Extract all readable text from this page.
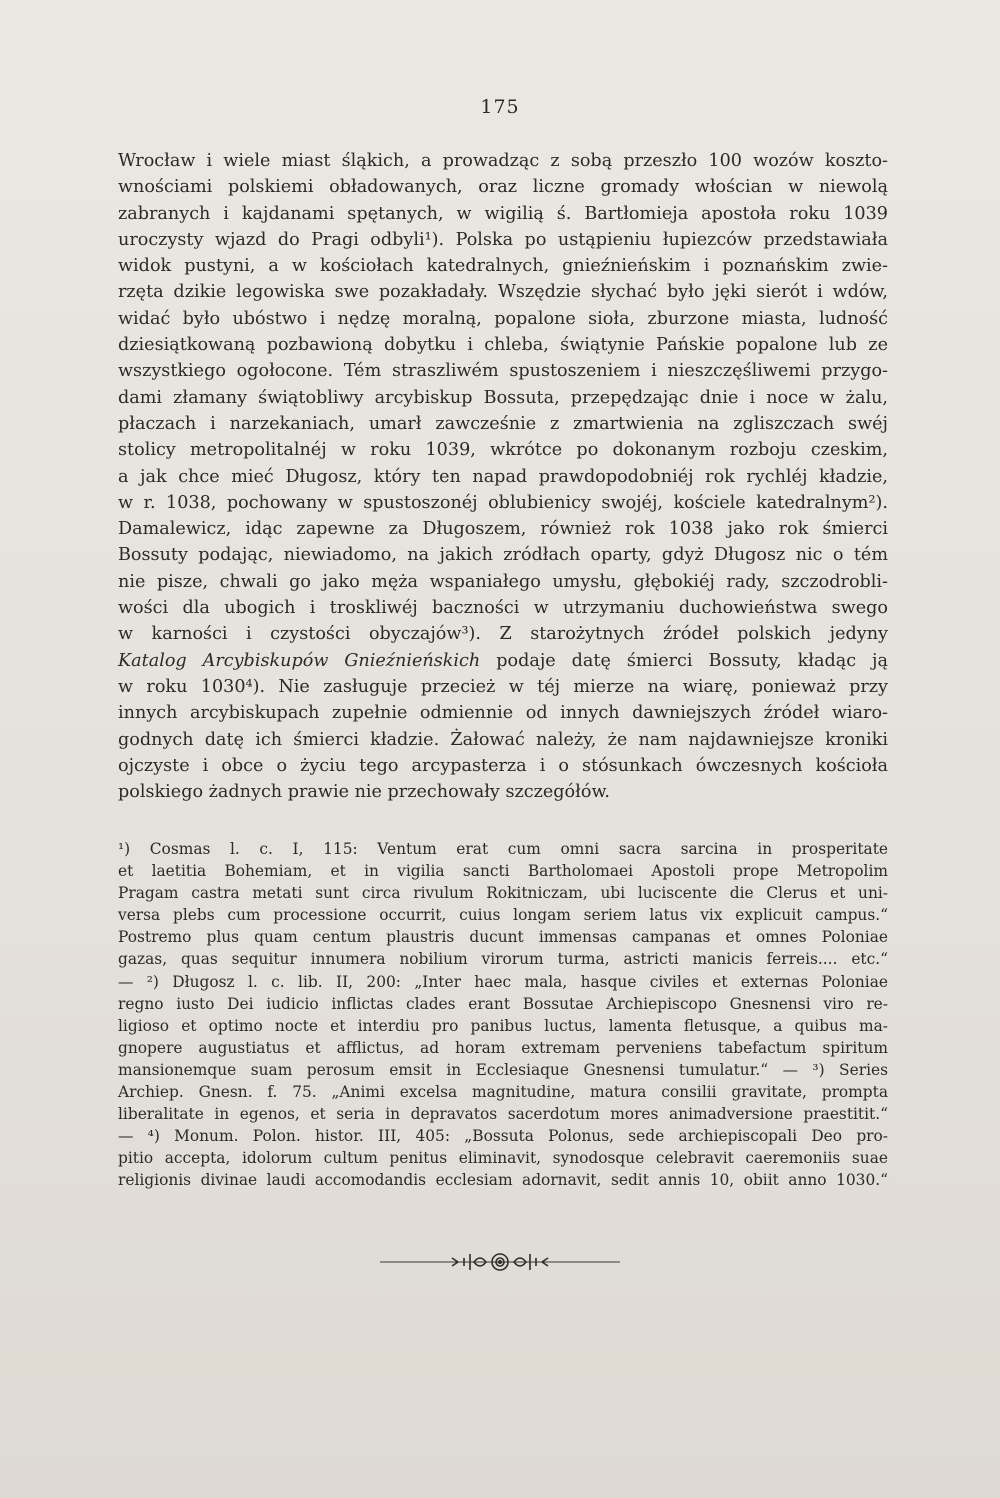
175
Wrocław i wiele miast śląkich, a prowadząc z sobą przeszło 100 wozów koszto-
wnościami polskiemi obładowanych, oraz liczne gromady włościan w niewolą
zabranych i kajdanami spętanych, w wigilią ś. Bartłomieja apostoła roku 1039
uroczysty wjazd do Pragi odbyli¹). Polska po ustąpieniu łupiezców przedstawiała
widok pustyni, a w kościołach katedralnych, gnieźnieńskim i poznańskim zwie-
rzęta dzikie legowiska swe pozakładały. Wszędzie słychać było jęki sierót i wdów,
widać było ubóstwo i nędzę moralną, popalone sioła, zburzone miasta, ludność
dziesiątkowaną pozbawioną dobytku i chleba, świątynie Pańskie popalone lub ze
wszystkiego ogołocone. Tém straszliwém spustoszeniem i nieszczęśliwemi przygo-
dami złamany świątobliwy arcybiskup Bossuta, przepędzając dnie i noce w żalu,
płaczach i narzekaniach, umarł zawcześnie z zmartwienia na zgliszczach swéj
stolicy metropolitalnéj w roku 1039, wkrótce po dokonanym rozboju czeskim,
a jak chce mieć Długosz, który ten napad prawdopodobniéj rok rychléj kładzie,
w r. 1038, pochowany w spustoszonéj oblubienicy swojéj, kościele katedralnym²).
Damalewicz, idąc zapewne za Długoszem, również rok 1038 jako rok śmierci
Bossuty podając, niewiadomo, na jakich zródłach oparty, gdyż Długosz nic o tém
nie pisze, chwali go jako męża wspaniałego umysłu, głębokiéj rady, szczodrobli-
wości dla ubogich i troskliwéj baczności w utrzymaniu duchowieństwa swego
w karności i czystości obyczajów³). Z starożytnych źródeł polskich jedyny
Katalog Arcybiskupów Gnieźnieńskich podaje datę śmierci Bossuty, kładąc ją
w roku 1030⁴). Nie zasługuje przecież w téj mierze na wiarę, ponieważ przy
innych arcybiskupach zupełnie odmiennie od innych dawniejszych źródeł wiaro-
godnych datę ich śmierci kładzie. Żałować należy, że nam najdawniejsze kroniki
ojczyste i obce o życiu tego arcypasterza i o stósunkach ówczesnych kościoła
polskiego żadnych prawie nie przechowały szczegółów.
¹) Cosmas l. c. I, 115: Ventum erat cum omni sacra sarcina in prosperitate
et laetitia Bohemiam, et in vigilia sancti Bartholomaei Apostoli prope Metropolim
Pragam castra metati sunt circa rivulum Rokitniczam, ubi luciscente die Clerus et uni-
versa plebs cum processione occurrit, cuius longam seriem latus vix explicuit campus.“
Postremo plus quam centum plaustris ducunt immensas campanas et omnes Poloniae
gazas, quas sequitur innumera nobilium virorum turma, astricti manicis ferreis.... etc.“
— ²) Długosz l. c. lib. II, 200: „Inter haec mala, hasque civiles et externas Poloniae
regno iusto Dei iudicio inflictas clades erant Bossutae Archiepiscopo Gnesnensi viro re-
ligioso et optimo nocte et interdiu pro panibus luctus, lamenta fletusque, a quibus ma-
gnopere augustiatus et afflictus, ad horam extremam perveniens tabefactum spiritum
mansionemque suam perosum emsit in Ecclesiaque Gnesnensi tumulatur.“ — ³) Series
Archiep. Gnesn. f. 75. „Animi excelsa magnitudine, matura consilii gravitate, prompta
liberalitate in egenos, et seria in depravatos sacerdotum mores animadversione praestitit.“
— ⁴) Monum. Polon. histor. III, 405: „Bossuta Polonus, sede archiepiscopali Deo pro-
pitio accepta, idolorum cultum penitus eliminavit, synodosque celebravit caeremoniis suae
religionis divinae laudi accomodandis ecclesiam adornavit, sedit annis 10, obiit anno 1030.“
